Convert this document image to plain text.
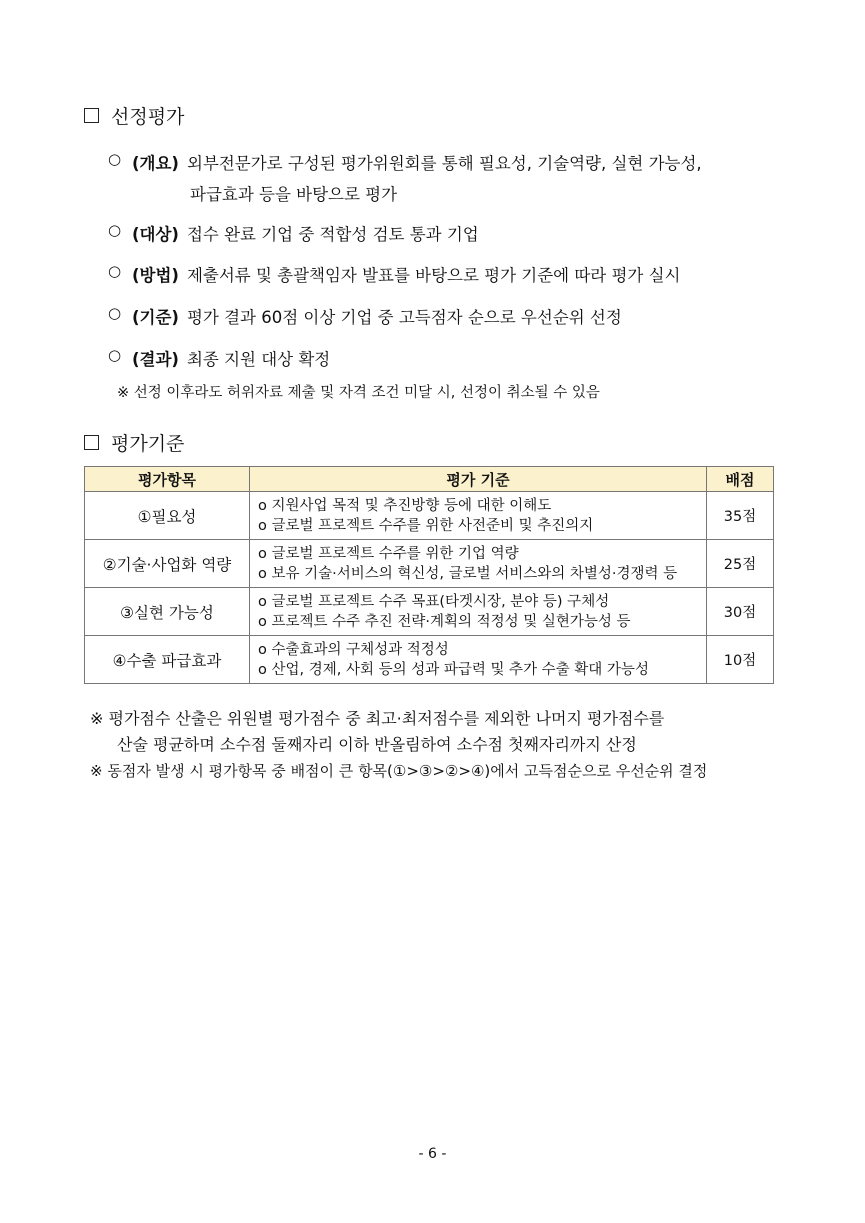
선정평가
○ (개요) 외부전문가로 구성된 평가위원회를 통해 필요성, 기술역량, 실현 가능성,
파급효과 등을 바탕으로 평가
○ (대상) 접수 완료 기업 중 적합성 검토 통과 기업
○ (방법) 제출서류 및 총괄책임자 발표를 바탕으로 평가 기준에 따라 평가 실시
○ (기준) 평가 결과 60점 이상 기업 중 고득점자 순으로 우선순위 선정
○ (결과) 최종 지원 대상 확정
※ 선정 이후라도 허위자료 제출 및 자격 조건 미달 시, 선정이 취소될 수 있음
평가기준
평가항목	평가 기준	배점
①필요성	o 지원사업 목적 및 추진방향 등에 대한 이해도
o 글로벌 프로젝트 수주를 위한 사전준비 및 추진의지	35점
②기술·사업화 역량	o 글로벌 프로젝트 수주를 위한 기업 역량
o 보유 기술·서비스의 혁신성, 글로벌 서비스와의 차별성·경쟁력 등	25점
③실현 가능성	o 글로벌 프로젝트 수주 목표(타겟시장, 분야 등) 구체성
o 프로젝트 수주 추진 전략·계획의 적정성 및 실현가능성 등	30점
④수출 파급효과	o 수출효과의 구체성과 적정성
o 산업, 경제, 사회 등의 성과 파급력 및 추가 수출 확대 가능성	10점
※ 평가점수 산출은 위원별 평가점수 중 최고·최저점수를 제외한 나머지 평가점수를
산술 평균하며 소수점 둘째자리 이하 반올림하여 소수점 첫째자리까지 산정
※ 동점자 발생 시 평가항목 중 배점이 큰 항목(①>③>②>④)에서 고득점순으로 우선순위 결정
- 6 -
